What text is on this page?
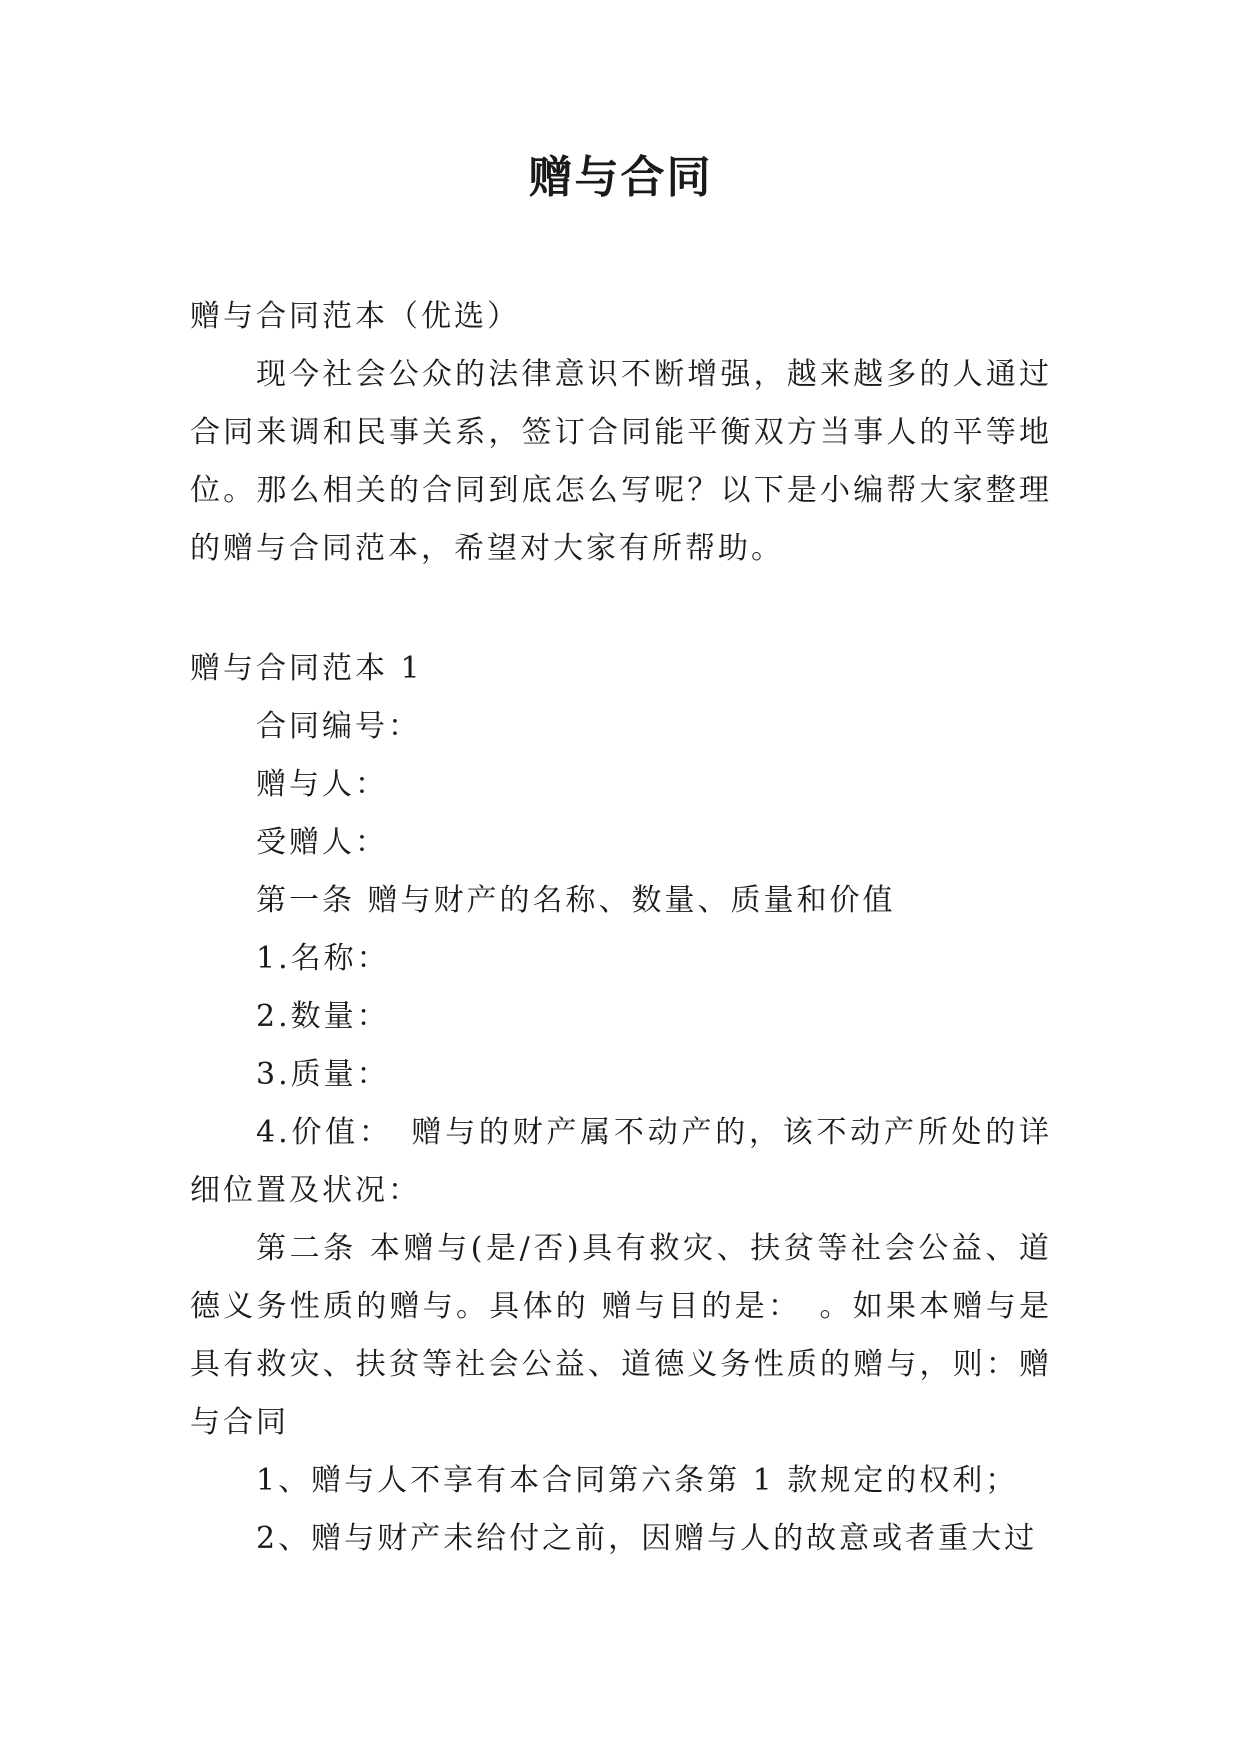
赠与合同

赠与合同范本（优选）

现今社会公众的法律意识不断增强，越来越多的人通过合同来调和民事关系，签订合同能平衡双方当事人的平等地位。那么相关的合同到底怎么写呢？以下是小编帮大家整理的赠与合同范本，希望对大家有所帮助。

赠与合同范本 1

合同编号：

赠与人：

受赠人：

第一条 赠与财产的名称、数量、质量和价值

1.名称：

2.数量：

3.质量：

4.价值：　赠与的财产属不动产的，该不动产所处的详细位置及状况：

第二条 本赠与(是/否)具有救灾、扶贫等社会公益、道德义务性质的赠与。具体的 赠与目的是：　。如果本赠与是具有救灾、扶贫等社会公益、道德义务性质的赠与，则：赠与合同

1、赠与人不享有本合同第六条第 1 款规定的权利；

2、赠与财产未给付之前，因赠与人的故意或者重大过
